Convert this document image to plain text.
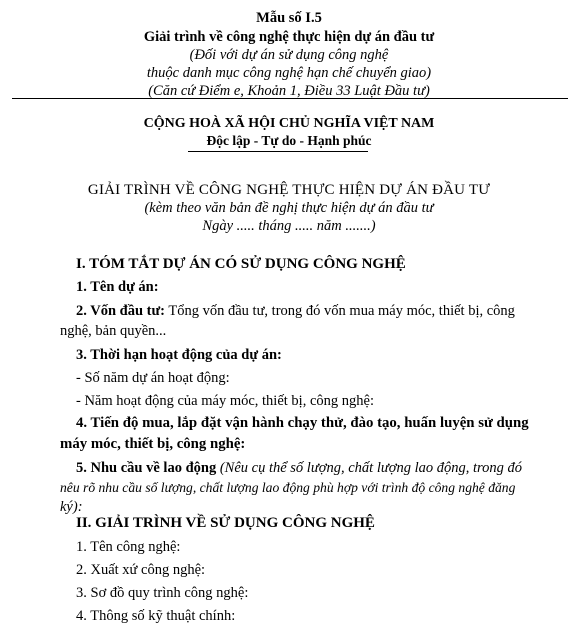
Mẫu số I.5
Giải trình về công nghệ thực hiện dự án đầu tư
(Đối với dự án sử dụng công nghệ
thuộc danh mục công nghệ hạn chế chuyển giao)
(Căn cứ Điểm e, Khoản 1, Điều 33 Luật Đầu tư)
CỘNG HOÀ XÃ HỘI CHỦ NGHĨA VIỆT NAM
Độc lập - Tự do - Hạnh phúc
GIẢI TRÌNH VỀ CÔNG NGHỆ THỰC HIỆN DỰ ÁN ĐẦU TƯ
(kèm theo văn bản đề nghị thực hiện dự án đầu tư
Ngày ..... tháng ..... năm .......)
I. TÓM TẮT DỰ ÁN CÓ SỬ DỤNG CÔNG NGHỆ
1. Tên dự án:
2. Vốn đầu tư: Tổng vốn đầu tư, trong đó vốn mua máy móc, thiết bị, công
nghệ, bản quyền...
3. Thời hạn hoạt động của dự án:
- Số năm dự án hoạt động:
- Năm hoạt động của máy móc, thiết bị, công nghệ:
4. Tiến độ mua, lắp đặt vận hành chạy thử, đào tạo, huấn luyện sử dụng
máy móc, thiết bị, công nghệ:
5. Nhu cầu về lao động (Nêu cụ thể số lượng, chất lượng lao động, trong đó
nêu rõ nhu cầu số lượng, chất lượng lao động phù hợp với trình độ công nghệ đăng
ký):
II. GIẢI TRÌNH VỀ SỬ DỤNG CÔNG NGHỆ
1. Tên công nghệ:
2. Xuất xứ công nghệ:
3. Sơ đồ quy trình công nghệ:
4. Thông số kỹ thuật chính:
